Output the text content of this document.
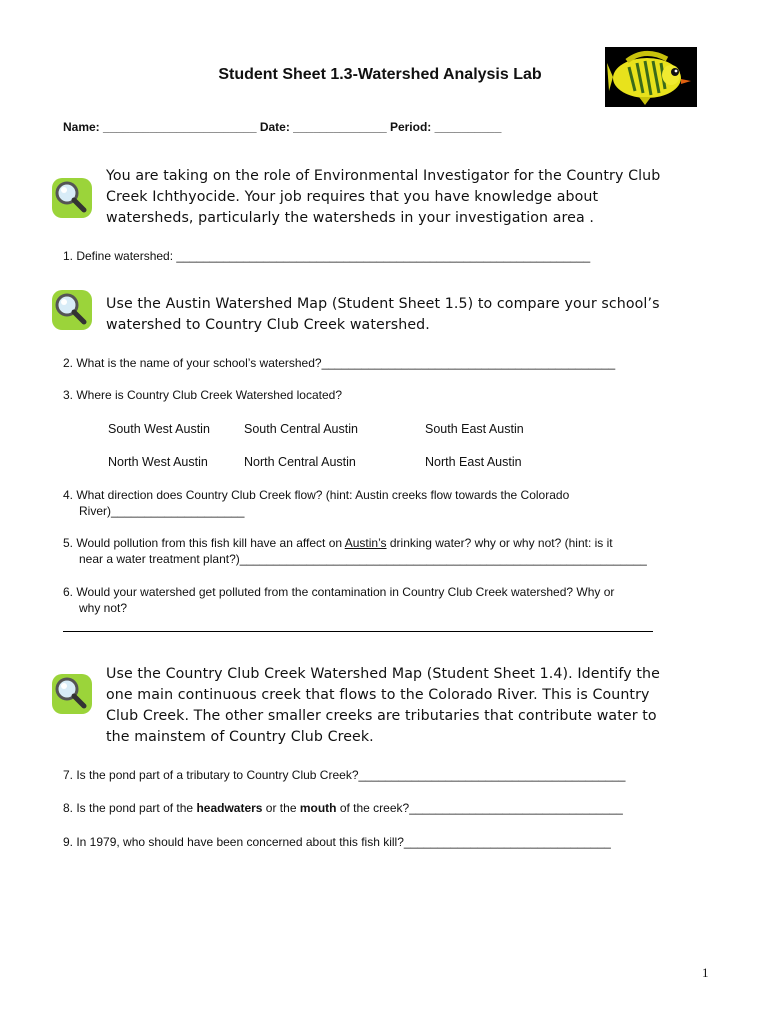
Student Sheet 1.3-Watershed Analysis Lab
Name: _______________________ Date: ______________ Period: __________
You are taking on the role of Environmental Investigator for the Country Club
Creek Ichthyocide. Your job requires that you have knowledge about
watersheds, particularly the watersheds in your investigation area .
1. Define watershed: ______________________________________________________________
Use the Austin Watershed Map (Student Sheet 1.5) to compare your school’s
watershed to Country Club Creek watershed.
2. What is the name of your school’s watershed?____________________________________________
3. Where is Country Club Creek Watershed located?
South West Austin	South Central Austin	South East Austin
North West Austin	North Central Austin	North East Austin
4. What direction does Country Club Creek flow? (hint: Austin creeks flow towards the Colorado
River)____________________
5. Would pollution from this fish kill have an affect on Austin’s drinking water? why or why not? (hint: is it
near a water treatment plant?)_____________________________________________________________
6. Would your watershed get polluted from the contamination in Country Club Creek watershed? Why or
why not?
Use the Country Club Creek Watershed Map (Student Sheet 1.4). Identify the
one main continuous creek that flows to the Colorado River. This is Country
Club Creek. The other smaller creeks are tributaries that contribute water to
the mainstem of Country Club Creek.
7. Is the pond part of a tributary to Country Club Creek?________________________________________
8. Is the pond part of the headwaters or the mouth of the creek?________________________________
9. In 1979, who should have been concerned about this fish kill?_______________________________
1
